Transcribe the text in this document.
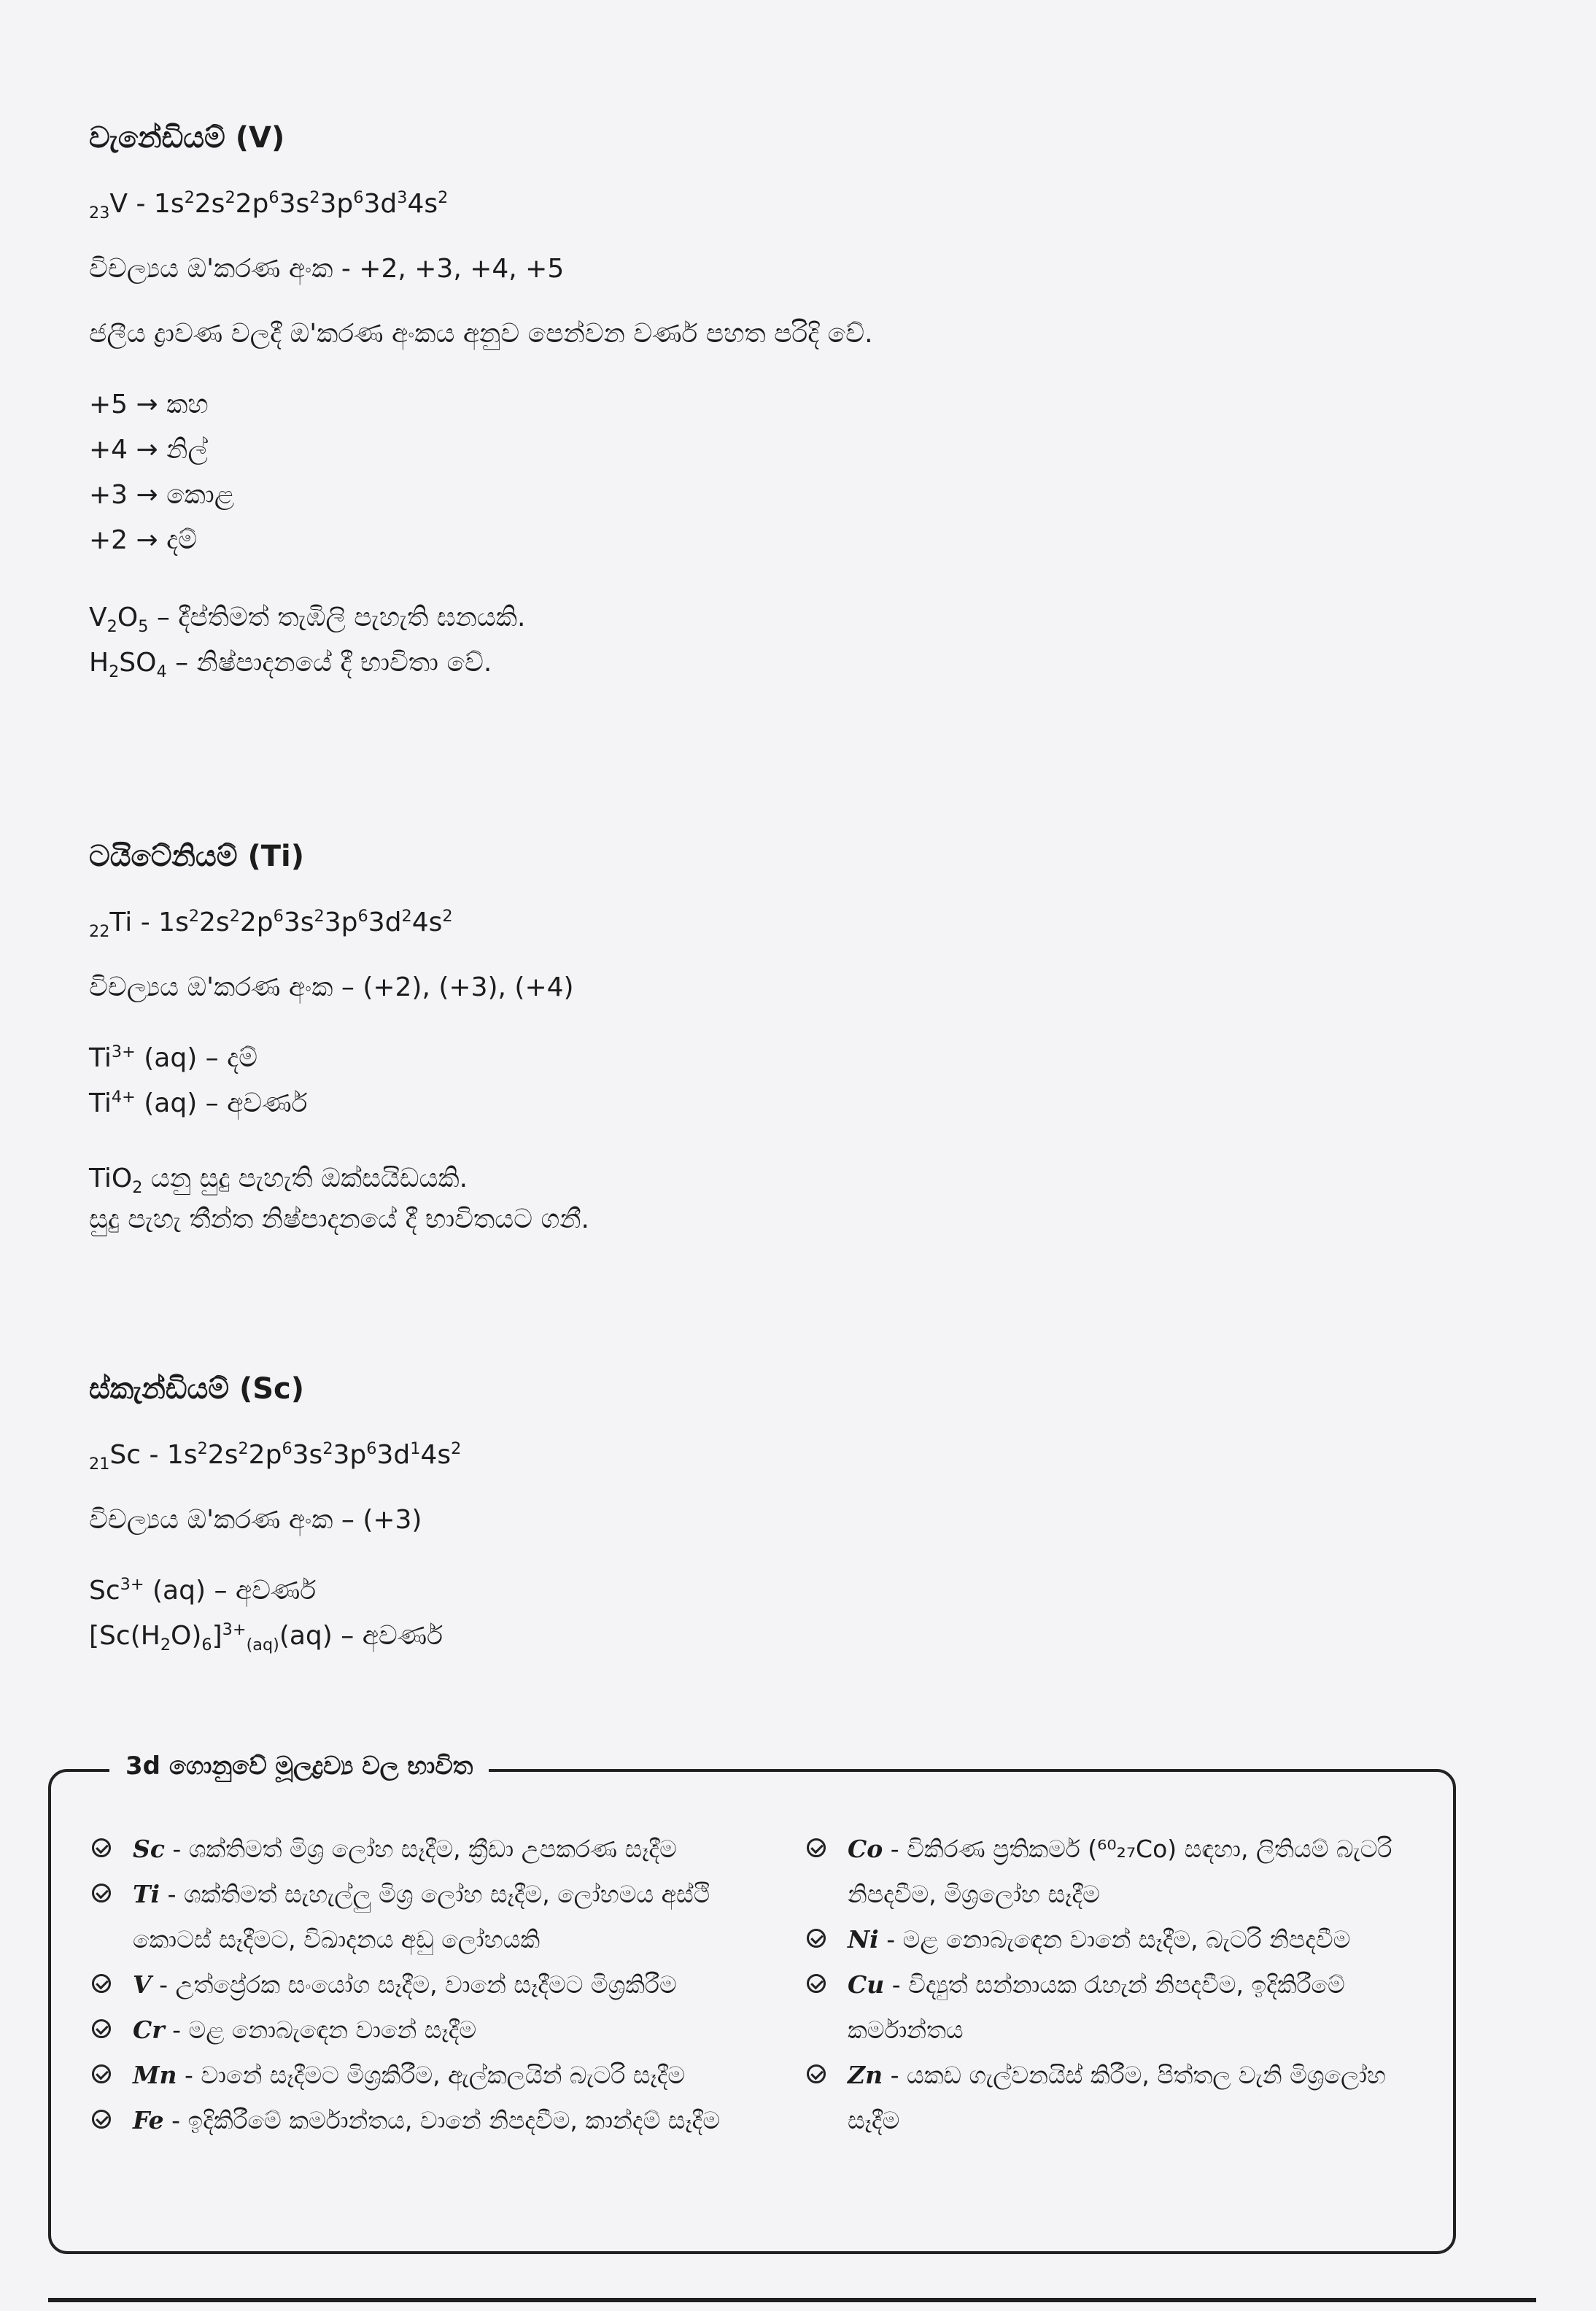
වැනේඩියම් (V)

$_{23}V - 1s^22s^22p^63s^23p^63d^34s^2$

විචල්‍යය ඔ'කරණ අංක - +2, +3, +4, +5

ජලීය ද්‍රාවණ වලදී ඔ'කරණ අංකය අනුව පෙන්වන වර්ණ පහත පරිදි වේ.

+5 → කහ

+4 → නිල්

+3 → කොළ

+2 → දම්

$V_2O_5$ – දීප්තිමත් තැඹිලි පැහැති ඝනයකි.

$H_2SO_4$ – නිෂ්පාදනයේ දී භාවිතා වේ.

ටයිටේනියම් (Ti)

$_{22}Ti - 1s^22s^22p^63s^23p^63d^24s^2$

විචල්‍යය ඔ'කරණ අංක – (+2), (+3), (+4)

$Ti^{3+}$ (aq) – දම්

$Ti^{4+}$ (aq) – අවර්ණ

TiO$_2$ යනු සුදු පැහැති ඔක්සයිඩයකි.

සුදු පැහැ තීන්ත නිෂ්පාදනයේ දී භාවිතයට ගනී.

ස්කැන්ඩියම් (Sc)

$_{21}Sc - 1s^22s^22p^63s^23p^63d^14s^2$

විචල්‍යය ඔ'කරණ අංක – (+3)

$Sc^{3+}$ (aq) – අවර්ණ

$[Sc(H_2O)_6]^{3+}_{(aq)}(aq)$ – අවර්ණ

3d ගොනුවේ මූලද්‍රව්‍ය වල භාවිත
Sc - ශක්තිමත් මිශ්‍ර ලෝහ සෑදීම, ක්‍රීඩා උපකරණ සෑදීම
Ti - ශක්තිමත් සැහැල්ලු මිශ්‍ර ලෝහ සෑදීම, ලෝහමය අස්ථි කොටස් සෑදීමට, විඛාදනය අඩු ලෝහයකි
V - උත්ප්‍රේරක සංයෝග සෑදීම, වානේ සෑදීමට මිශ්‍රකිරීම
Cr - මළ නොබැඳෙන වානේ සෑදීම
Mn - වානේ සෑදීමට මිශ්‍රකිරීම, ඇල්කලයින් බැටරි සෑදීම
Fe - ඉදිකිරීමේ කර්මාන්තය, වානේ නිපදවීම, කාන්දම් සෑදීම
Co - විකිරණ ප්‍රතිකර්ම (⁶⁰₂₇Co) සඳහා, ලිතියම් බැටරි නිපදවීම, මිශ්‍රලෝහ සෑදීම
Ni - මළ නොබැඳෙන වානේ සෑදීම, බැටරි නිපදවීම
Cu - විද්‍යුත් සන්නායක රැහැන් නිපදවීම, ඉදිකිරීමේ කර්මාන්තය
Zn - යකඩ ගැල්වනයිස් කිරීම, පිත්තල වැනි මිශ්‍රලෝහ සෑදීම
